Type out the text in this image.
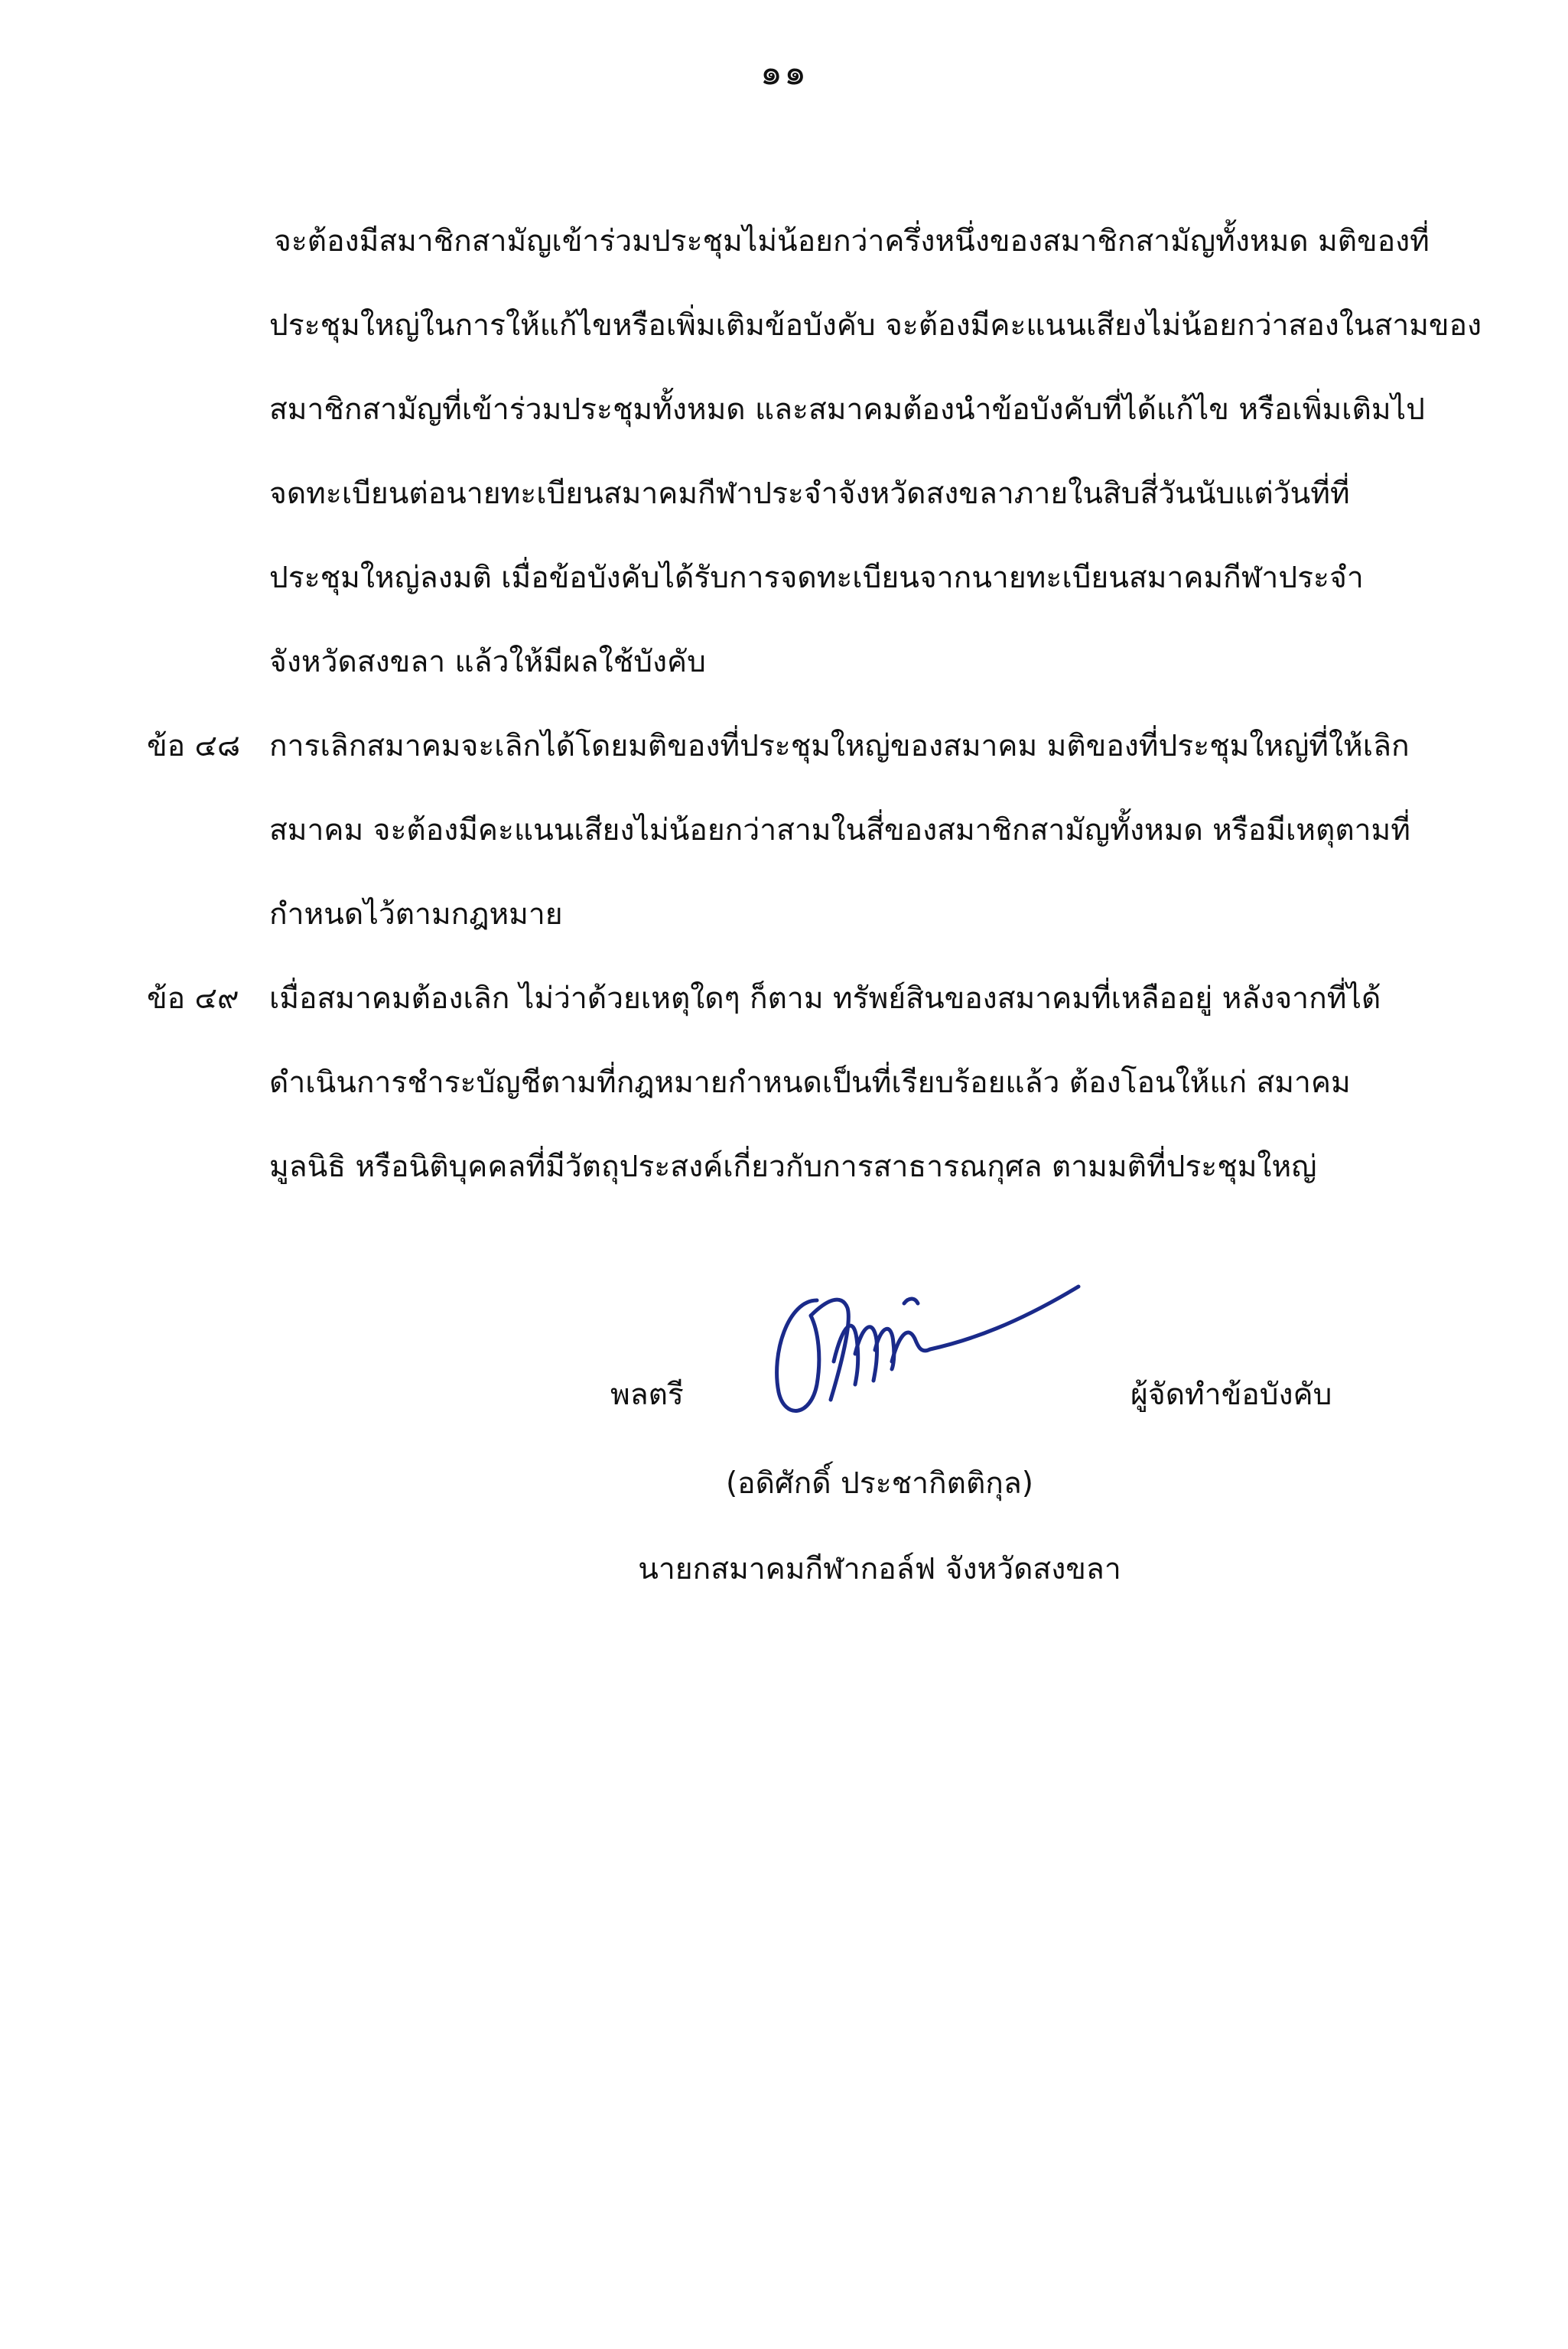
๑๑
จะต้องมีสมาชิกสามัญเข้าร่วมประชุมไม่น้อยกว่าครึ่งหนึ่งของสมาชิกสามัญทั้งหมด มติของที่
ประชุมใหญ่ในการให้แก้ไขหรือเพิ่มเติมข้อบังคับ จะต้องมีคะแนนเสียงไม่น้อยกว่าสองในสามของ
สมาชิกสามัญที่เข้าร่วมประชุมทั้งหมด และสมาคมต้องนำข้อบังคับที่ได้แก้ไข หรือเพิ่มเติมไป
จดทะเบียนต่อนายทะเบียนสมาคมกีฬาประจำจังหวัดสงขลาภายในสิบสี่วันนับแต่วันที่ที่
ประชุมใหญ่ลงมติ เมื่อข้อบังคับได้รับการจดทะเบียนจากนายทะเบียนสมาคมกีฬาประจำ
จังหวัดสงขลา แล้วให้มีผลใช้บังคับ
ข้อ ๔๘ การเลิกสมาคมจะเลิกได้โดยมติของที่ประชุมใหญ่ของสมาคม มติของที่ประชุมใหญ่ที่ให้เลิก
สมาคม จะต้องมีคะแนนเสียงไม่น้อยกว่าสามในสี่ของสมาชิกสามัญทั้งหมด หรือมีเหตุตามที่
กำหนดไว้ตามกฎหมาย
ข้อ ๔๙ เมื่อสมาคมต้องเลิก ไม่ว่าด้วยเหตุใดๆ ก็ตาม ทรัพย์สินของสมาคมที่เหลืออยู่ หลังจากที่ได้
ดำเนินการชำระบัญชีตามที่กฎหมายกำหนดเป็นที่เรียบร้อยแล้ว ต้องโอนให้แก่ สมาคม
มูลนิธิ หรือนิติบุคคลที่มีวัตถุประสงค์เกี่ยวกับการสาธารณกุศล ตามมติที่ประชุมใหญ่
พลตรี	ผู้จัดทำข้อบังคับ
(อดิศักดิ์ ประชากิตติกุล)
นายกสมาคมกีฬากอล์ฟ จังหวัดสงขลา
